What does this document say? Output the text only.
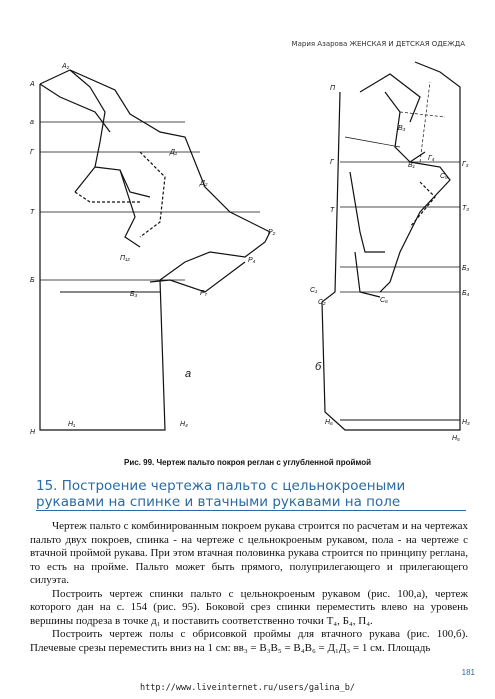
Мария Азарова ЖЕНСКАЯ И ДЕТСКАЯ ОДЕЖДА
А₂
А
а
Г
Т
Б
Н
Н₁	Н₄
Д₁
Д₂
Р₂
Р₄
Р₇
Б₃
П₁₂
П
Г
Т
С₁
С₂	С₆
Г₄
Г₃
Т₃
Б₃
Б₄
Н₆	Н₃
Н₅
В₃
В₁
С₉
а
б
Рис. 99. Чертеж пальто покроя реглан с углубленной проймой
15. Построение чертежа пальто с цельнокроеными рукавами на спинке и втачными рукавами на поле

Чертеж пальто с комбинированным покроем рукава строится по расчетам и на чертежах пальто двух покроев, спинка - на чертеже с цельнокроеным рукавом, пола - на чертеже с втачной проймой рукава. При этом втачная половинка рукава строится по принципу реглана, то есть на пройме. Пальто может быть прямого, полуприлегающего и прилегающего силуэта.

Построить чертеж спинки пальто с цельнокроеным рукавом (рис. 100,а), чертеж которого дан на с. 154 (рис. 95). Боковой срез спинки переместить влево на уровень вершины подреза в точке д₁ и поставить соответственно точки Т₄, Б₄, П₄.

Построить чертеж полы с обрисовкой проймы для втачного рукава (рис. 100,б). Плечевые срезы переместить вниз на 1 см: вв₃ = В₃В₅ = В₄В₆ = Д₁Д₃ = 1 см. Площадь

181
http://www.liveinternet.ru/users/galina_b/
